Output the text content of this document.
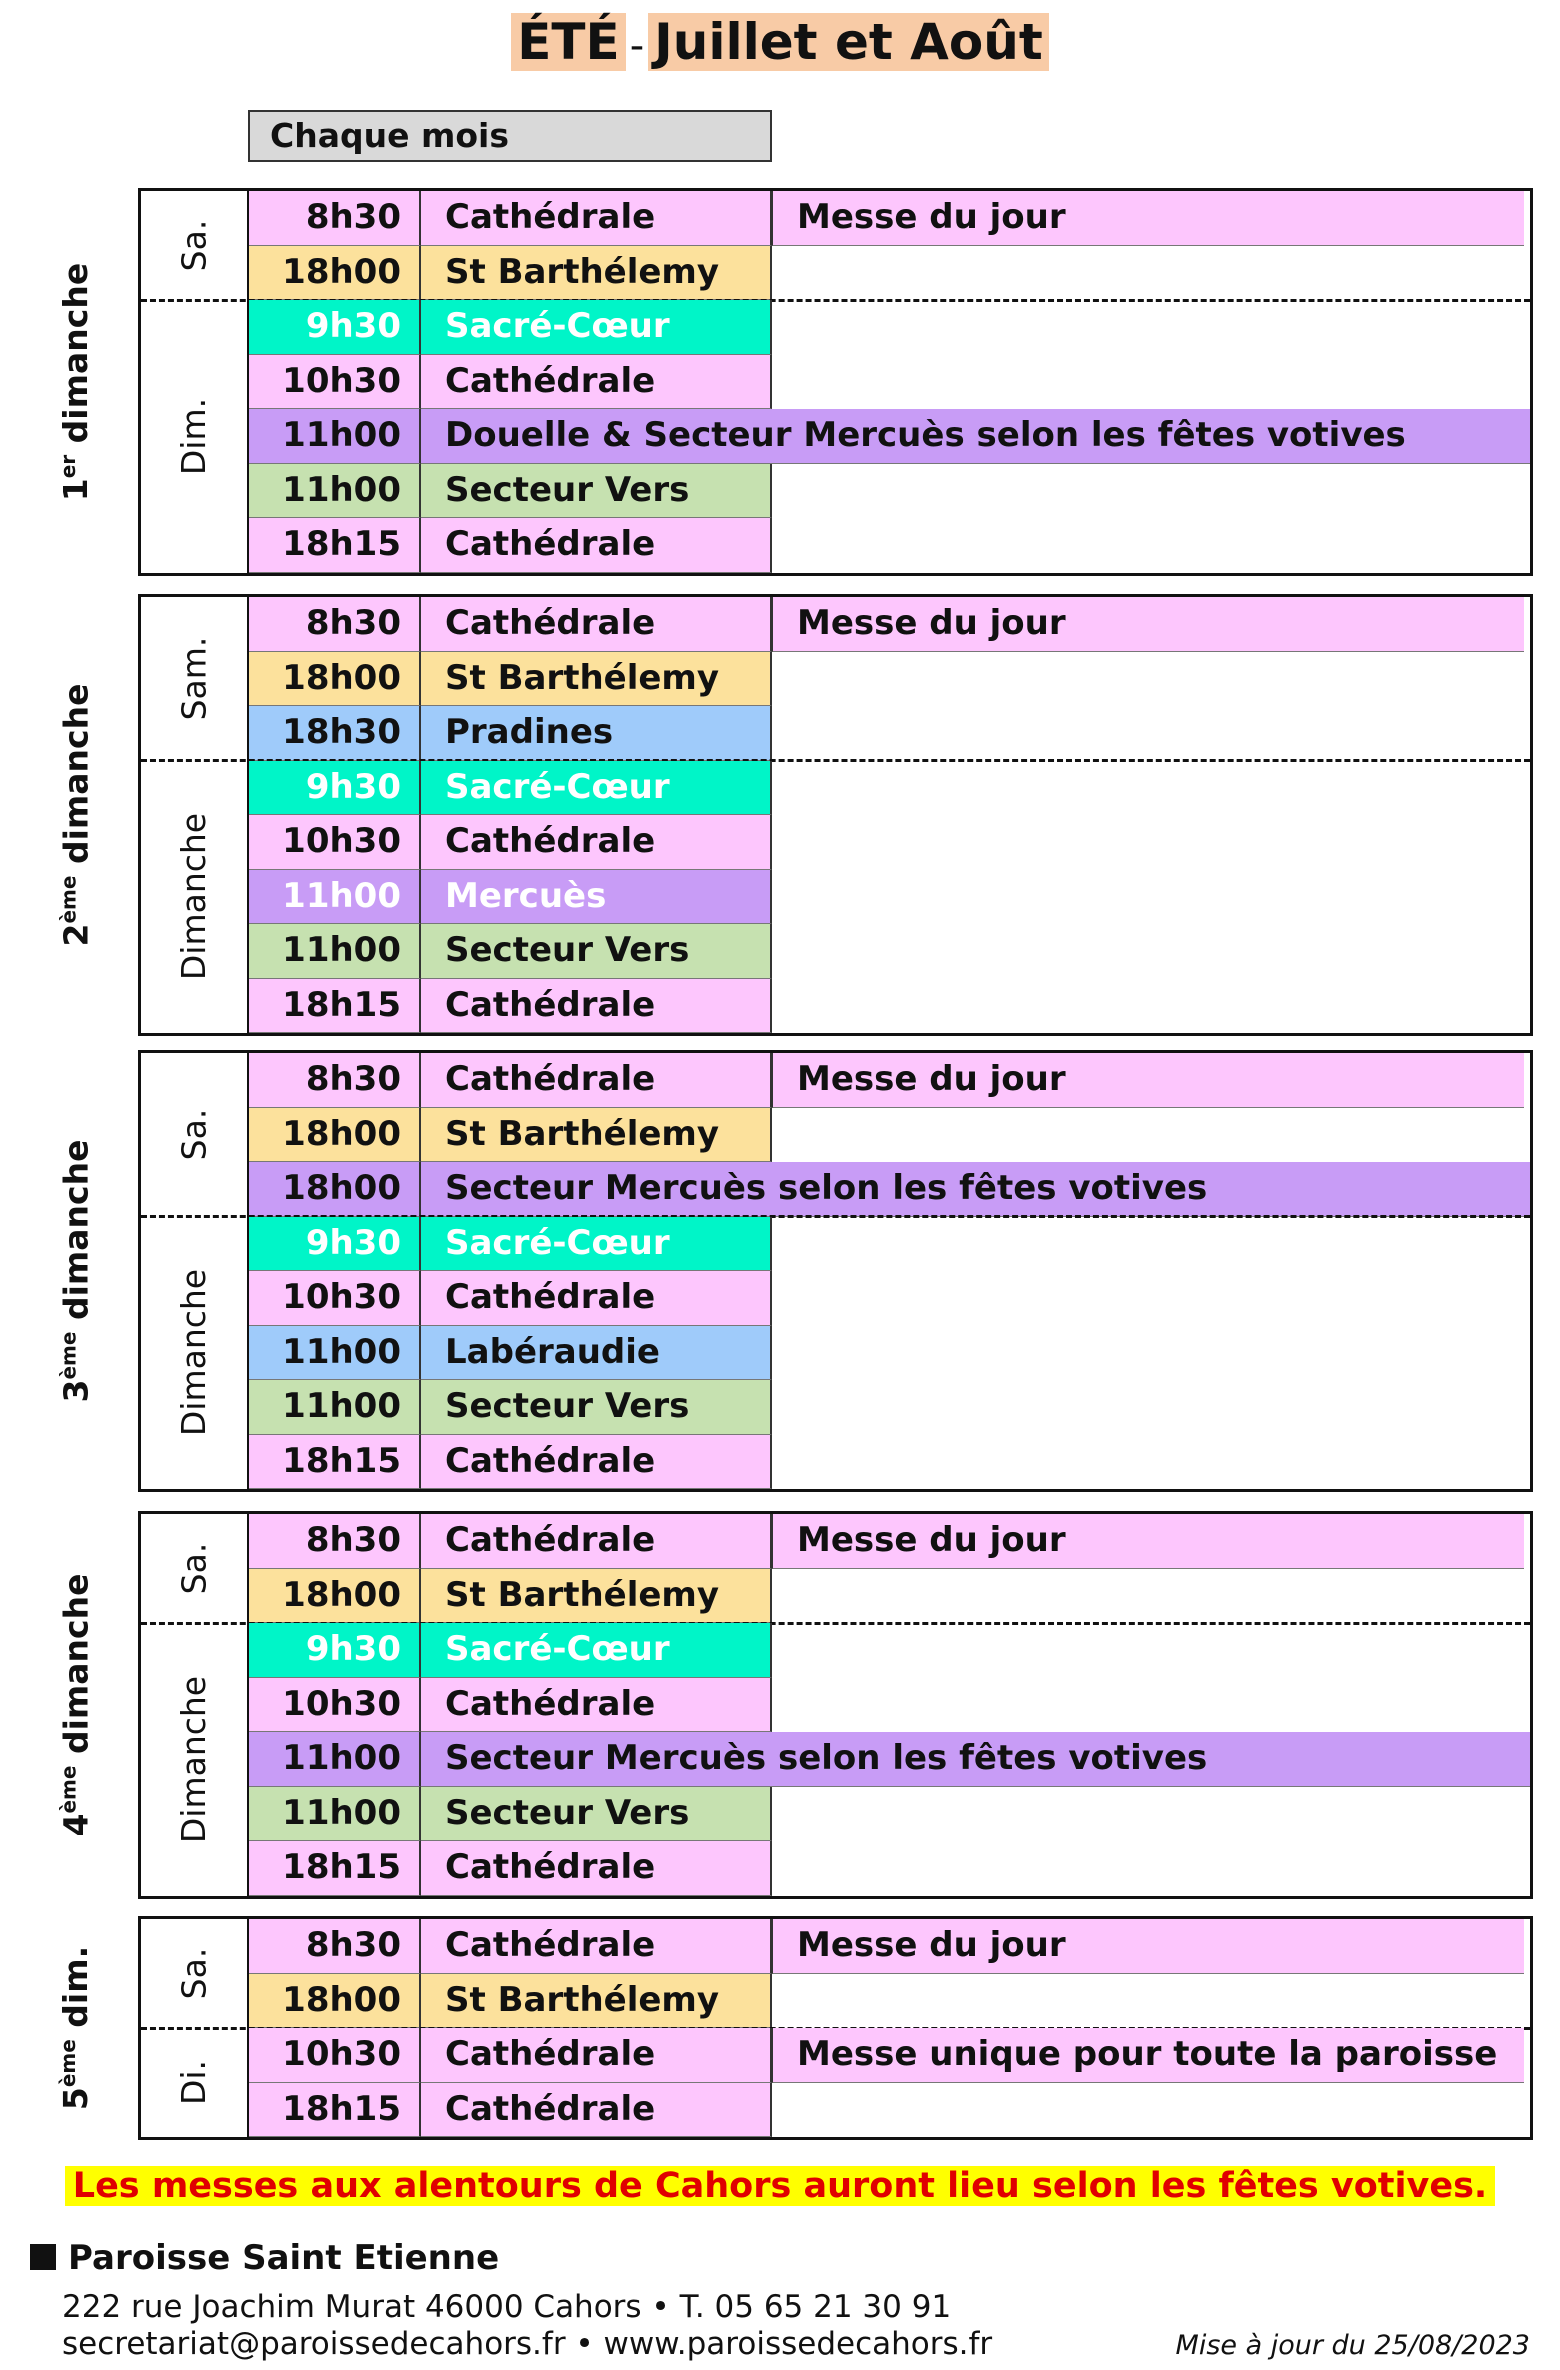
ÉTÉ - Juillet et Août
Chaque mois
1er dimanche
Sa.
8h30	Cathédrale	Messe du jour
18h00	St Barthélemy
Dim.
9h30	Sacré-Cœur
10h30	Cathédrale
11h00	Douelle & Secteur Mercuès selon les fêtes votives
11h00	Secteur Vers
18h15	Cathédrale
2ème dimanche
Sam.
8h30	Cathédrale	Messe du jour
18h00	St Barthélemy
18h30	Pradines
Dimanche
9h30	Sacré-Cœur
10h30	Cathédrale
11h00	Mercuès
11h00	Secteur Vers
18h15	Cathédrale
3ème dimanche
Sa.
8h30	Cathédrale	Messe du jour
18h00	St Barthélemy
18h00	Secteur Mercuès selon les fêtes votives
Dimanche
9h30	Sacré-Cœur
10h30	Cathédrale
11h00	Labéraudie
11h00	Secteur Vers
18h15	Cathédrale
4ème dimanche
Sa.
8h30	Cathédrale	Messe du jour
18h00	St Barthélemy
Dimanche
9h30	Sacré-Cœur
10h30	Cathédrale
11h00	Secteur Mercuès selon les fêtes votives
11h00	Secteur Vers
18h15	Cathédrale
5ème dim. Sa.
8h30	Cathédrale	Messe du jour
18h00	St Barthélemy
Di.
10h30	Cathédrale	Messe unique pour toute la paroisse
18h15	Cathédrale
Les messes aux alentours de Cahors auront lieu selon les fêtes votives.
Paroisse Saint Etienne
222 rue Joachim Murat 46000 Cahors • T. 05 65 21 30 91
secretariat@paroissedecahors.fr • www.paroissedecahors.fr	Mise à jour du 25/08/2023
